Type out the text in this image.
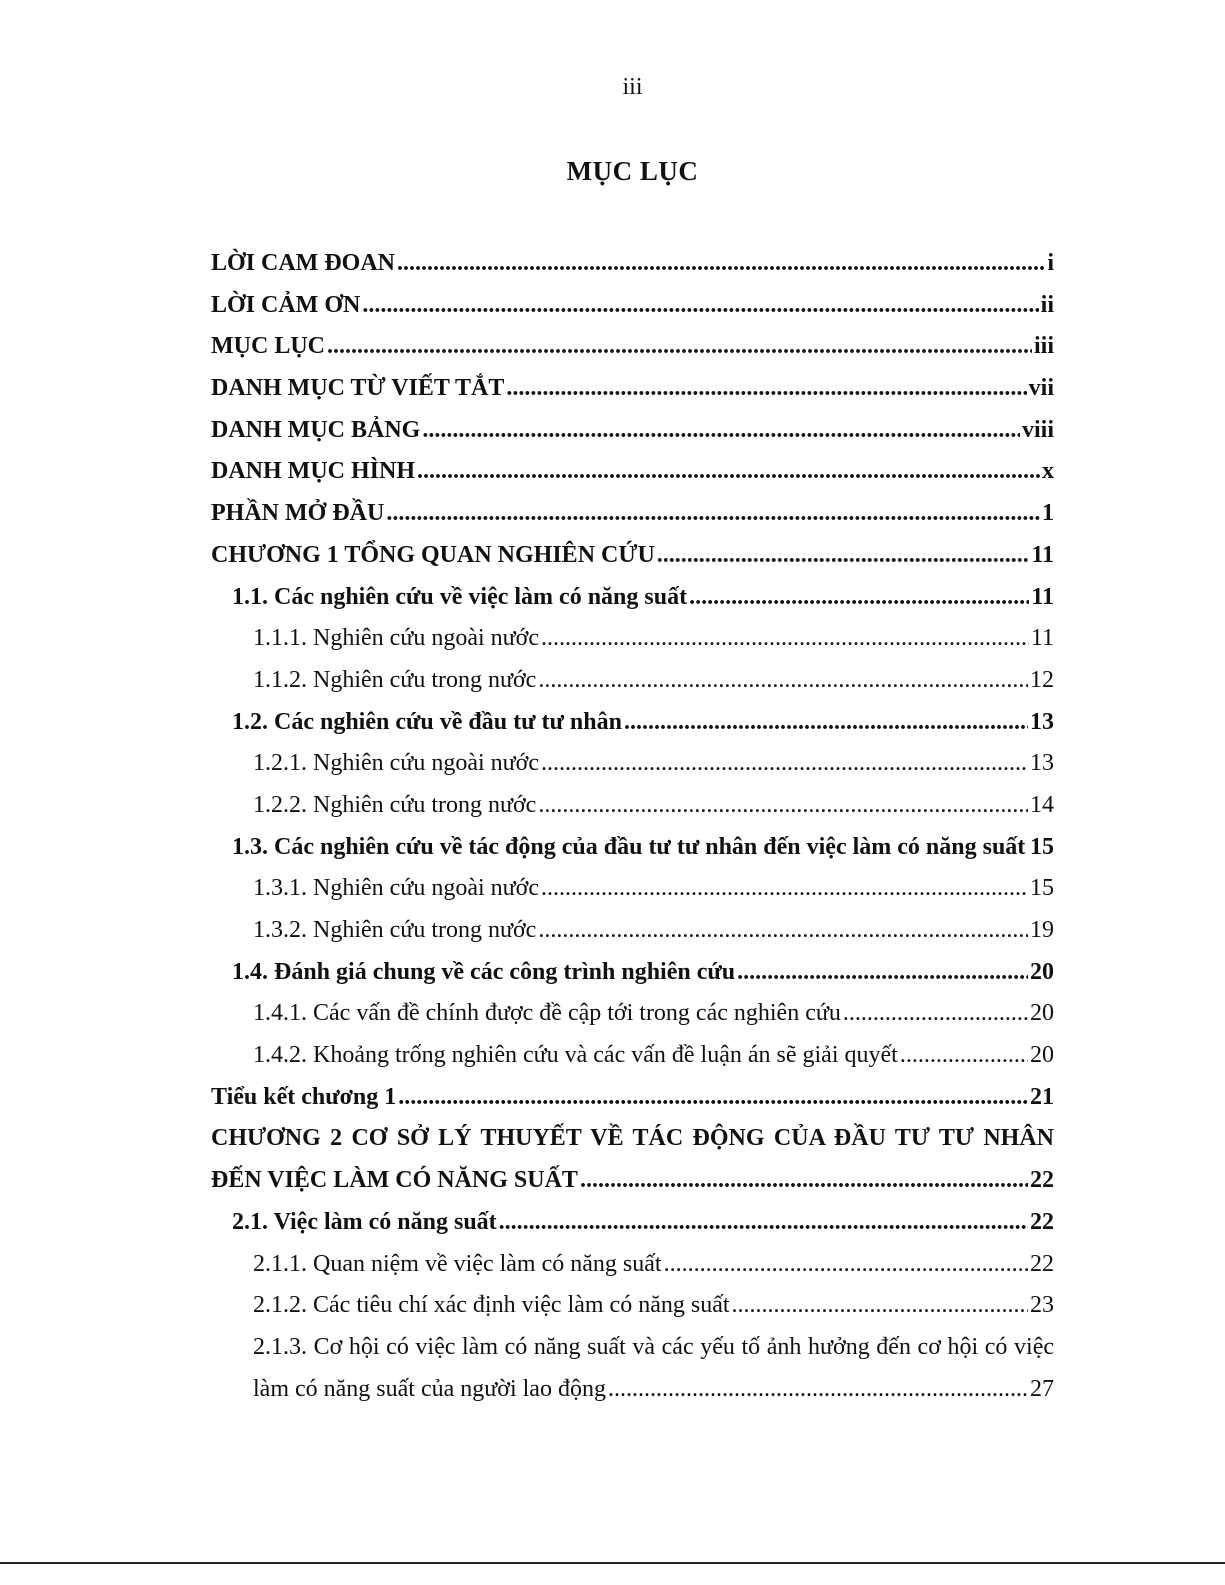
iii
MỤC LỤC
LỜI CAM ĐOAN .....	i
LỜI CẢM ƠN .....	ii
MỤC LỤC .....	iii
DANH MỤC TỪ VIẾT TẮT .....	vii
DANH MỤC BẢNG .....	viii
DANH MỤC HÌNH .....	x
PHẦN MỞ ĐẦU .....	1
CHƯƠNG 1 TỔNG QUAN NGHIÊN CỨU .....	11
1.1. Các nghiên cứu về việc làm có năng suất .....	11
1.1.1. Nghiên cứu ngoài nước .....	11
1.1.2. Nghiên cứu trong nước .....	12
1.2. Các nghiên cứu về đầu tư tư nhân .....	13
1.2.1. Nghiên cứu ngoài nước .....	13
1.2.2. Nghiên cứu trong nước .....	14
1.3. Các nghiên cứu về tác động của đầu tư tư nhân đến việc làm có năng suất ..... 15
1.3.1. Nghiên cứu ngoài nước .....	15
1.3.2. Nghiên cứu trong nước .....	19
1.4. Đánh giá chung về các công trình nghiên cứu .....	20
1.4.1. Các vấn đề chính được đề cập tới trong các nghiên cứu .....	20
1.4.2. Khoảng trống nghiên cứu và các vấn đề luận án sẽ giải quyết .....	20
Tiểu kết chương 1 .....	21
CHƯƠNG 2 CƠ SỞ LÝ THUYẾT VỀ TÁC ĐỘNG CỦA ĐẦU TƯ TƯ NHÂN
ĐẾN VIỆC LÀM CÓ NĂNG SUẤT .....	22
2.1. Việc làm có năng suất .....	22
2.1.1. Quan niệm về việc làm có năng suất .....	22
2.1.2. Các tiêu chí xác định việc làm có năng suất .....	23
2.1.3. Cơ hội có việc làm có năng suất và các yếu tố ảnh hưởng đến cơ hội có việc
làm có năng suất của người lao động .....	27
